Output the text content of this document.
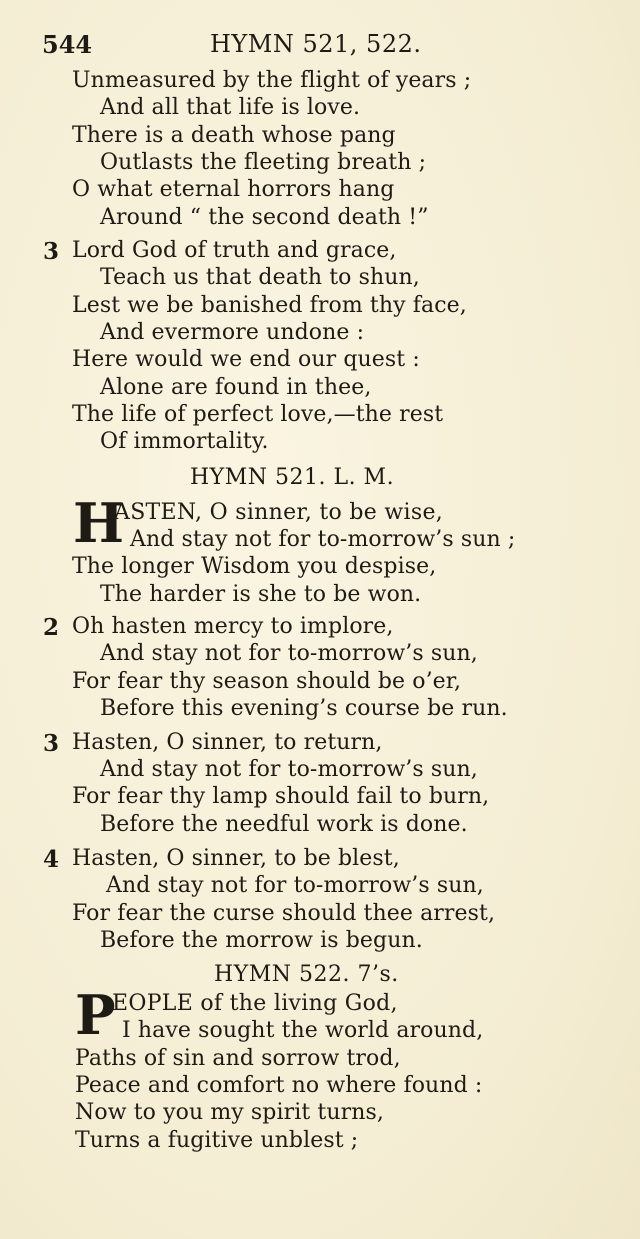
544	HYMN 521, 522.
Unmeasured by the flight of years ;
And all that life is love.
There is a death whose pang
Outlasts the fleeting breath ;
O what eternal horrors hang
Around “ the second death !”
3 Lord God of truth and grace,
Teach us that death to shun,
Lest we be banished from thy face,
And evermore undone :
Here would we end our quest :
Alone are found in thee,
The life of perfect love,—the rest
Of immortality.
HYMN 521. L. M.
H
ASTEN, O sinner, to be wise,
And stay not for to-morrow’s sun ;
The longer Wisdom you despise,
The harder is she to be won.
2 Oh hasten mercy to implore,
And stay not for to-morrow’s sun,
For fear thy season should be o’er,
Before this evening’s course be run.
3 Hasten, O sinner, to return,
And stay not for to-morrow’s sun,
For fear thy lamp should fail to burn,
Before the needful work is done.
4 Hasten, O sinner, to be blest,
And stay not for to-morrow’s sun,
For fear the curse should thee arrest,
Before the morrow is begun.
HYMN 522. 7’s.
P
EOPLE of the living God,
I have sought the world around,
Paths of sin and sorrow trod,
Peace and comfort no where found :
Now to you my spirit turns,
Turns a fugitive unblest ;
